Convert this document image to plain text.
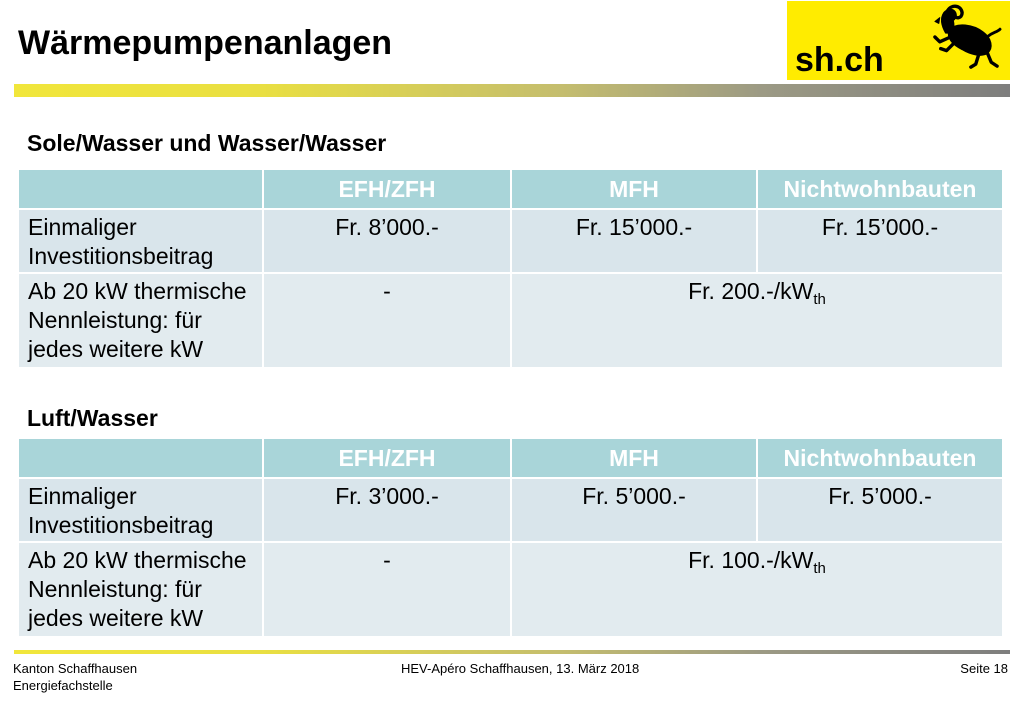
Wärmepumpenanlagen	sh.ch
Sole/Wasser und Wasser/Wasser
	EFH/ZFH	MFH	Nichtwohnbauten
Einmaliger Investitionsbeitrag	Fr. 8’000.-	Fr. 15’000.-	Fr. 15’000.-
Ab 20 kW thermische Nennleistung: für jedes weitere kW	-	Fr. $200.-/kW_{th}$
Luft/Wasser
	EFH/ZFH	MFH	Nichtwohnbauten
Einmaliger Investitionsbeitrag	Fr. 3’000.-	Fr. 5’000.-	Fr. 5’000.-
Ab 20 kW thermische Nennleistung: für jedes weitere kW	-	Fr. $100.-/kW_{th}$
Kanton Schaffhausen
Energiefachstelle
HEV-Apéro Schaffhausen, 13. März 2018	Seite 18
